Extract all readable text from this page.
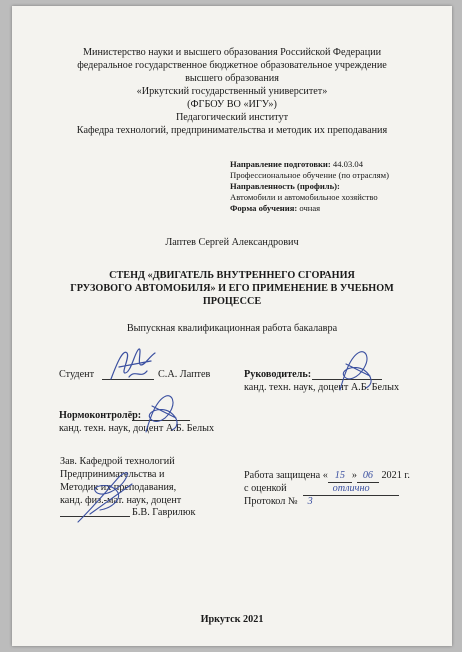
Министерство науки и высшего образования Российской Федерации
федеральное государственное бюджетное образовательное учреждение
высшего образования
«Иркутский государственный университет»
(ФГБОУ ВО «ИГУ»)
Педагогический институт
Кафедра технологий, предпринимательства и методик их преподавания
Направление подготовки: 44.03.04
Профессиональное обучение (по отраслям)
Направленность (профиль):
Автомобили и автомобильное хозяйство
Форма обучения: очная
Лаптев Сергей Александрович
СТЕНД «ДВИГАТЕЛЬ ВНУТРЕННЕГО СГОРАНИЯ
ГРУЗОВОГО АВТОМОБИЛЯ» И ЕГО ПРИМЕНЕНИЕ В УЧЕБНОМ
ПРОЦЕССЕ
Выпускная квалификационная работа бакалавра
Студент	С.А. Лаптев	Руководитель:
канд. техн. наук, доцент А.Б. Белых
Нормоконтролёр:
канд. техн. наук, доцент А.Б. Белых
Зав. Кафедрой технологий
Предпринимательства и
Методик их преподавания,
канд. физ.-мат. наук, доцент
Б.В. Гаврилюк
Работа защищена « 15 » 06 2021 г.
с оценкой	отлично
Протокол № 3
Иркутск 2021
